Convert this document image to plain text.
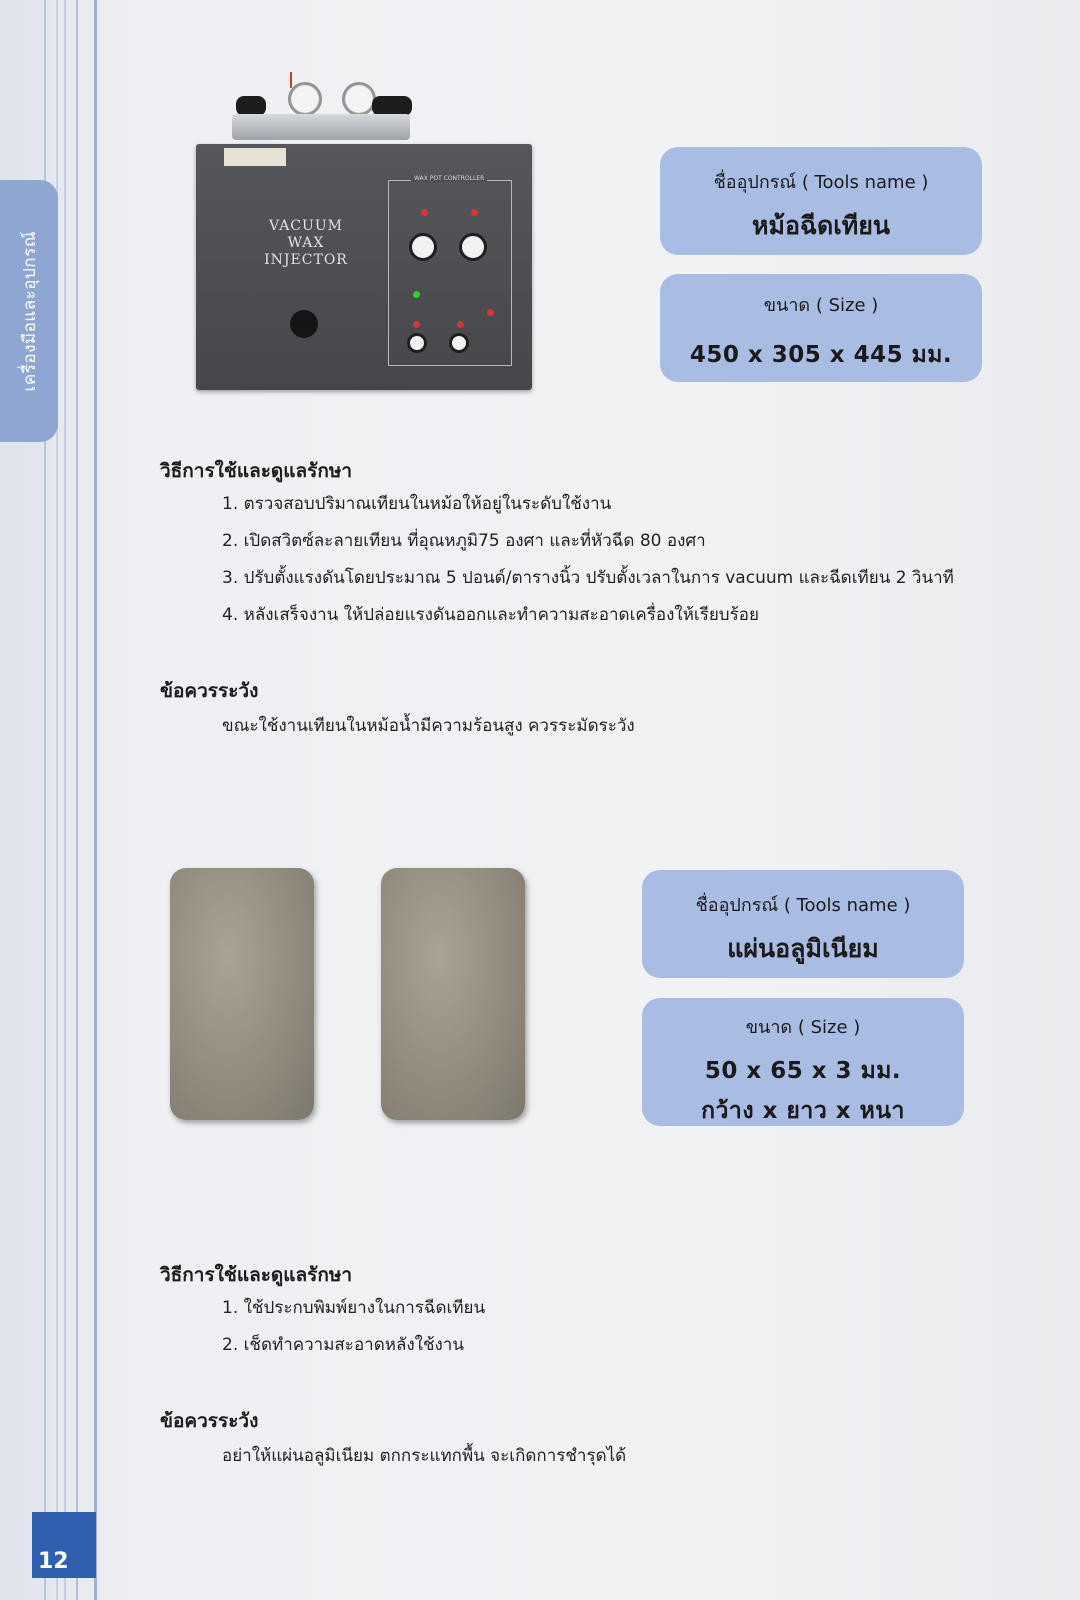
เครื่องมือและอุปกรณ์
12
VACUUM
WAX INJECTOR
WAX POT CONTROLLER	ชื่ออุปกรณ์ ( Tools name )
หม้อฉีดเทียน
ขนาด ( Size )
450 x 305 x 445 มม.
วิธีการใช้และดูแลรักษา
1. ตรวจสอบปริมาณเทียนในหม้อให้อยู่ในระดับใช้งาน
2. เปิดสวิตซ์ละลายเทียน ที่อุณหภูมิ75 องศา และที่หัวฉีด 80 องศา
3. ปรับตั้งแรงดันโดยประมาณ 5 ปอนด์/ตารางนิ้ว ปรับตั้งเวลาในการ vacuum และฉีดเทียน 2 วินาที
4. หลังเสร็จงาน ให้ปล่อยแรงดันออกและทำความสะอาดเครื่องให้เรียบร้อย
ข้อควรระวัง
ขณะใช้งานเทียนในหม้อน้ำมีความร้อนสูง ควรระมัดระวัง
ชื่ออุปกรณ์ ( Tools name )
แผ่นอลูมิเนียม
ขนาด ( Size )
50 x 65 x 3 มม.
กว้าง x ยาว x หนา
วิธีการใช้และดูแลรักษา
1. ใช้ประกบพิมพ์ยางในการฉีดเทียน
2. เช็ดทำความสะอาดหลังใช้งาน
ข้อควรระวัง
อย่าให้แผ่นอลูมิเนียม ตกกระแทกพื้น จะเกิดการชำรุดได้
